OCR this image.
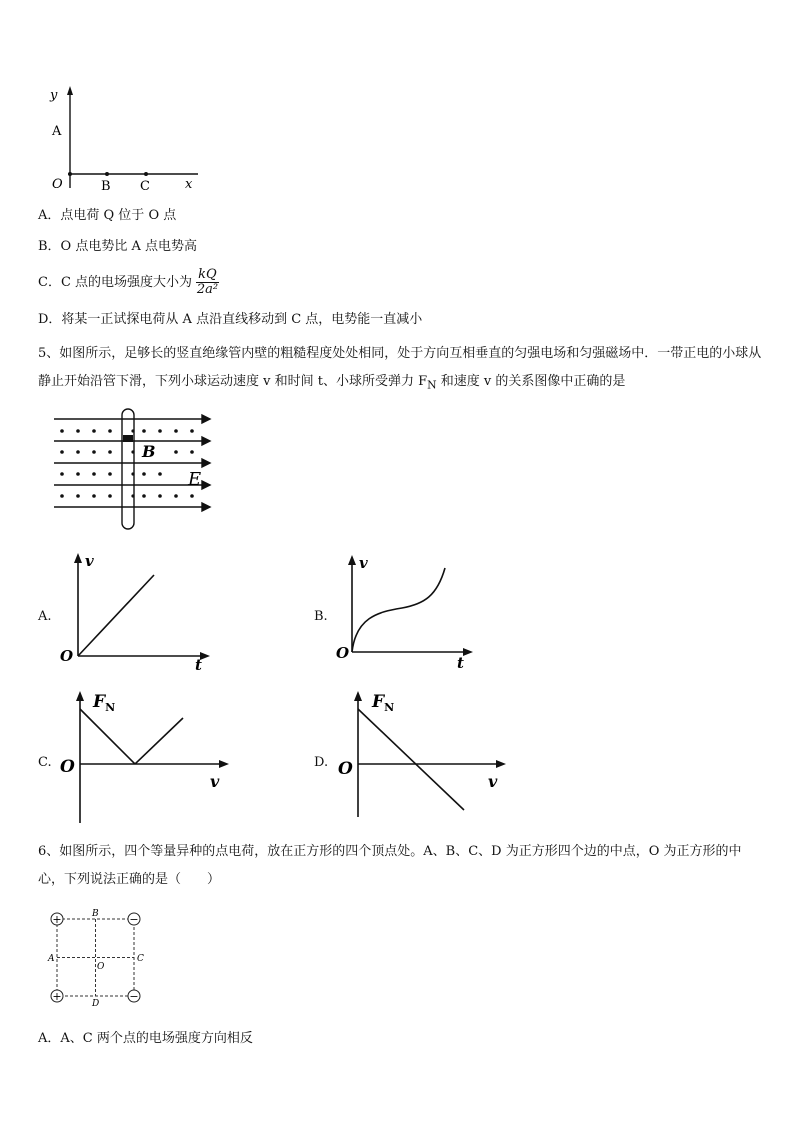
y
A
O	B C	x
A．点电荷 Q 位于 O 点
B．O 点电势比 A 点电势高
C．C 点的电场强度大小为 $\frac{kQ}{\text{2a²}}$
D．将某一正试探电荷从 A 点沿直线移动到 C 点，电势能一直减小
5、如图所示，足够长的竖直绝缘管内壁的粗糙程度处处相同，处于方向互相垂直的匀强电场和匀强磁场中．一带正电的小球从静止开始沿管下滑，下列小球运动速度 v 和时间 t、小球所受弹力 $F_N$ 和速度 v 的关系图像中正确的是
B
E
A.
v
O	t
B.
v
O
t
C.
$F_N$
O
v
D.
$F_N$
O
v
6、如图所示，四个等量异种的点电荷，放在正方形的四个顶点处。A、B、C、D 为正方形四个边的中点，O 为正方形的中心，下列说法正确的是（　　）
+	−
+	−
B
A	C
O
D
A．A、C 两个点的电场强度方向相反
